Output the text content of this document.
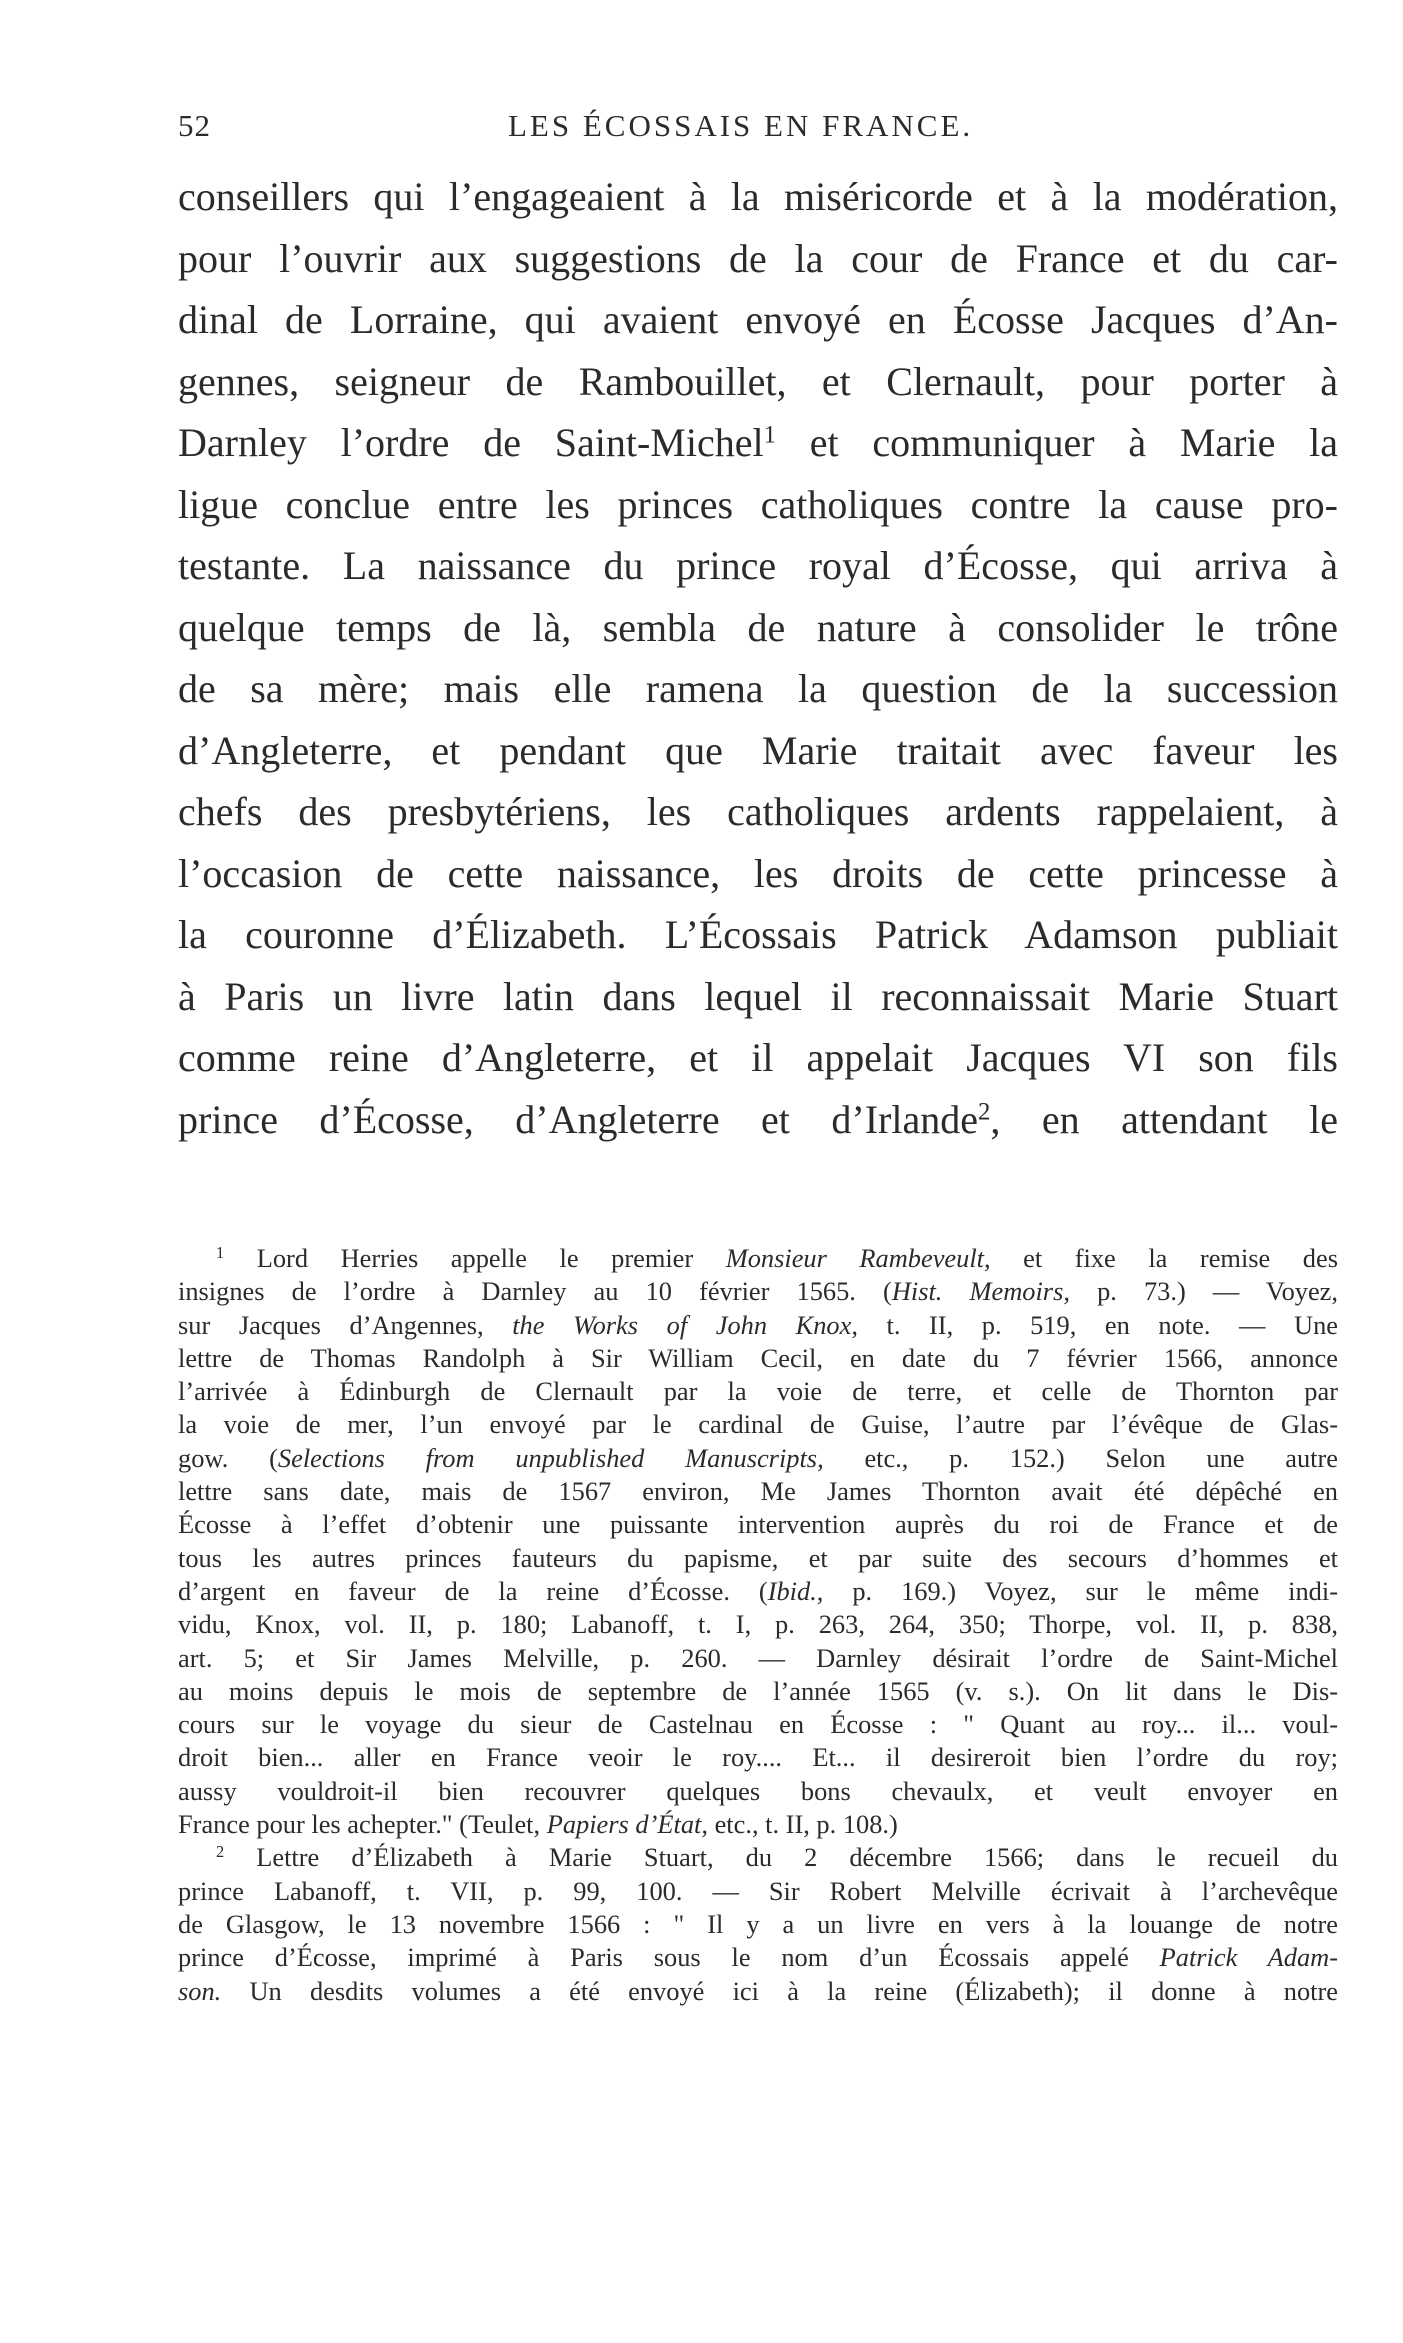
52	LES ÉCOSSAIS EN FRANCE.
conseillers qui l’engageaient à la miséricorde et à la modération,
pour l’ouvrir aux suggestions de la cour de France et du car-
dinal de Lorraine, qui avaient envoyé en Écosse Jacques d’An-
gennes, seigneur de Rambouillet, et Clernault, pour porter à
Darnley l’ordre de Saint-Michel$^1$ et communiquer à Marie la
ligue conclue entre les princes catholiques contre la cause pro-
testante. La naissance du prince royal d’Écosse, qui arriva à
quelque temps de là, sembla de nature à consolider le trône
de sa mère; mais elle ramena la question de la succession
d’Angleterre, et pendant que Marie traitait avec faveur les
chefs des presbytériens, les catholiques ardents rappelaient, à
l’occasion de cette naissance, les droits de cette princesse à
la couronne d’Élizabeth. L’Écossais Patrick Adamson publiait
à Paris un livre latin dans lequel il reconnaissait Marie Stuart
comme reine d’Angleterre, et il appelait Jacques VI son fils
prince d’Écosse, d’Angleterre et d’Irlande$^2$, en attendant le
$^1$ Lord Herries appelle le premier Monsieur Rambeveult, et fixe la remise des
insignes de l’ordre à Darnley au 10 février 1565. (Hist. Memoirs, p. 73.) — Voyez,
sur Jacques d’Angennes, the Works of John Knox, t. II, p. 519, en note. — Une
lettre de Thomas Randolph à Sir William Cecil, en date du 7 février 1566, annonce
l’arrivée à Édinburgh de Clernault par la voie de terre, et celle de Thornton par
la voie de mer, l’un envoyé par le cardinal de Guise, l’autre par l’évêque de Glas-
gow. (Selections from unpublished Manuscripts, etc., p. 152.) Selon une autre
lettre sans date, mais de 1567 environ, Me James Thornton avait été dépêché en
Écosse à l’effet d’obtenir une puissante intervention auprès du roi de France et de
tous les autres princes fauteurs du papisme, et par suite des secours d’hommes et
d’argent en faveur de la reine d’Écosse. (Ibid., p. 169.) Voyez, sur le même indi-
vidu, Knox, vol. II, p. 180; Labanoff, t. I, p. 263, 264, 350; Thorpe, vol. II, p. 838,
art. 5; et Sir James Melville, p. 260. — Darnley désirait l’ordre de Saint-Michel
au moins depuis le mois de septembre de l’année 1565 (v. s.). On lit dans le Dis-
cours sur le voyage du sieur de Castelnau en Écosse : " Quant au roy... il... voul-
droit bien... aller en France veoir le roy.... Et... il desireroit bien l’ordre du roy;
aussy vouldroit-il bien recouvrer quelques bons chevaulx, et veult envoyer en
France pour les achepter." (Teulet, Papiers d’État, etc., t. II, p. 108.)
$^2$ Lettre d’Élizabeth à Marie Stuart, du 2 décembre 1566; dans le recueil du
prince Labanoff, t. VII, p. 99, 100. — Sir Robert Melville écrivait à l’archevêque
de Glasgow, le 13 novembre 1566 : " Il y a un livre en vers à la louange de notre
prince d’Écosse, imprimé à Paris sous le nom d’un Écossais appelé Patrick Adam-
son. Un desdits volumes a été envoyé ici à la reine (Élizabeth); il donne à notre
